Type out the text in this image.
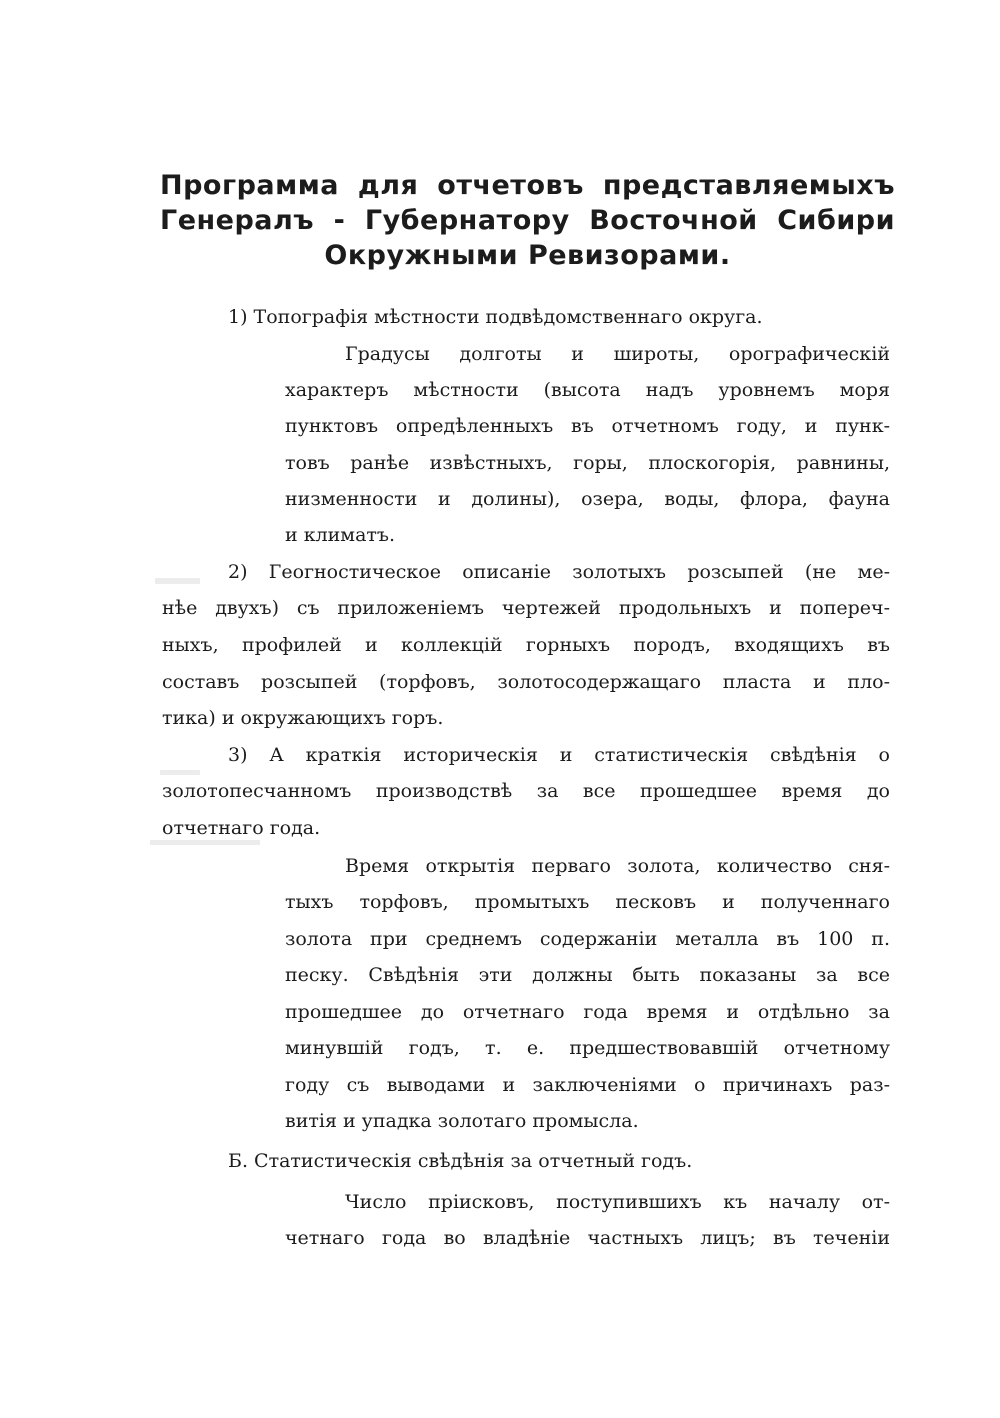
Программа для отчетовъ представляемыхъ
Генералъ - Губернатору Восточной Сибири
Окружными Ревизорами.
1) Топографія мѣстности подвѣдомственнаго округа.
Градусы долготы и широты, орографическій
характеръ мѣстности (высота надъ уровнемъ моря
пунктовъ опредѣленныхъ въ отчетномъ году, и пунк-
товъ ранѣе извѣстныхъ, горы, плоскогорія, равнины,
низменности и долины), озера, воды, флора, фауна
и климатъ.
2) Геогностическое описаніе золотыхъ розсыпей (не ме-
нѣе двухъ) съ приложеніемъ чертежей продольныхъ и попереч-
ныхъ, профилей и коллекцій горныхъ породъ, входящихъ въ
составъ розсыпей (торфовъ, золотосодержащаго пласта и пло-
тика) и окружающихъ горъ.
3) А краткія историческія и статистическія свѣдѣнія о
золотопесчанномъ производствѣ за все прошедшее время до
отчетнаго года.
Время открытія перваго золота, количество сня-
тыхъ торфовъ, промытыхъ песковъ и полученнаго
золота при среднемъ содержаніи металла въ 100 п.
песку. Свѣдѣнія эти должны быть показаны за все
прошедшее до отчетнаго года время и отдѣльно за
минувшій годъ, т. е. предшествовавшій отчетному
году съ выводами и заключеніями о причинахъ раз-
витія и упадка золотаго промысла.
Б. Статистическія свѣдѣнія за отчетный годъ.
Число пріисковъ, поступившихъ къ началу от-
четнаго года во владѣніе частныхъ лицъ; въ теченіи
